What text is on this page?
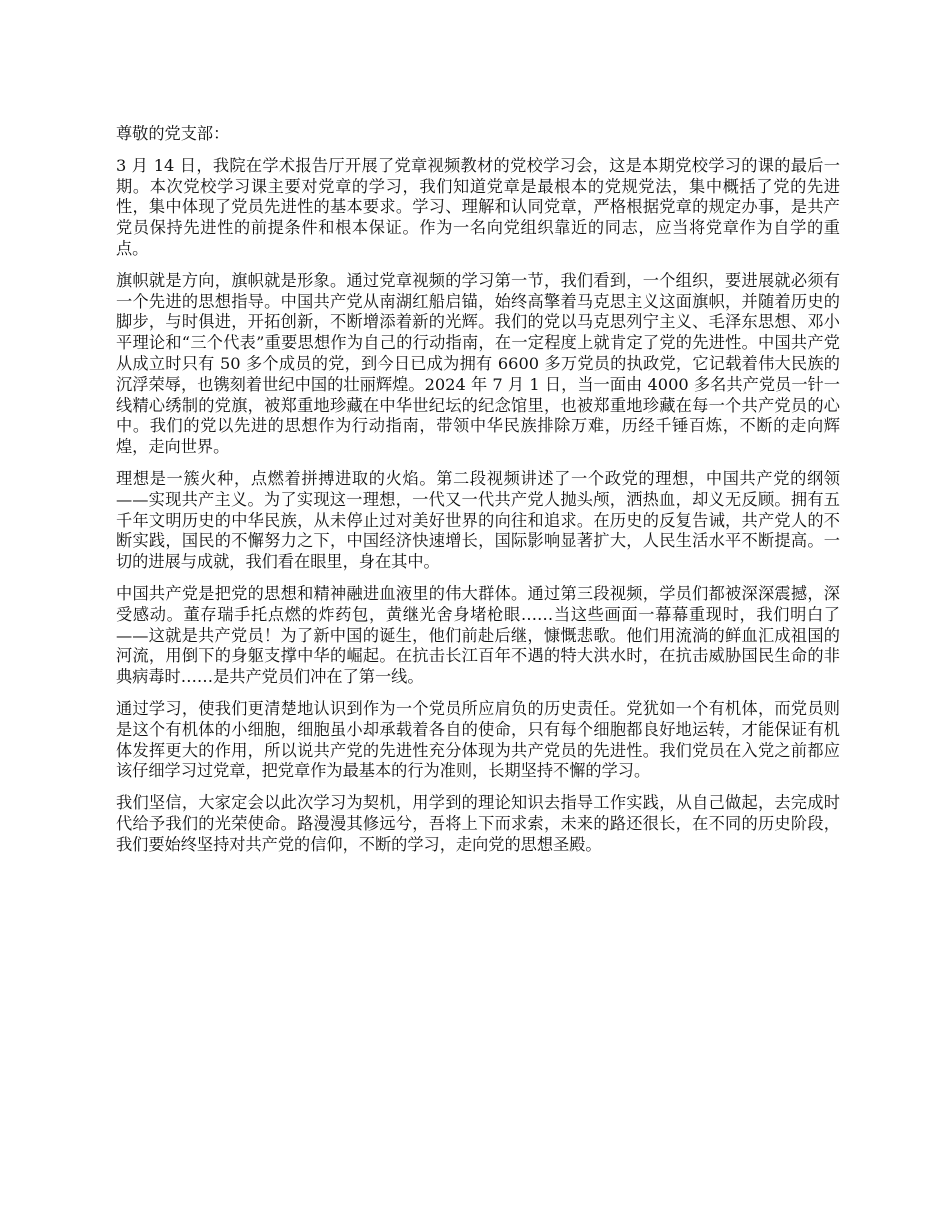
尊敬的党支部：

3 月 14 日，我院在学术报告厅开展了党章视频教材的党校学习会，这是本期党校学习的课的最后一期。本次党校学习课主要对党章的学习，我们知道党章是最根本的党规党法，集中概括了党的先进性，集中体现了党员先进性的基本要求。学习、理解和认同党章，严格根据党章的规定办事，是共产党员保持先进性的前提条件和根本保证。作为一名向党组织靠近的同志，应当将党章作为自学的重点。

旗帜就是方向，旗帜就是形象。通过党章视频的学习第一节，我们看到，一个组织，要进展就必须有一个先进的思想指导。中国共产党从南湖红船启锚，始终高擎着马克思主义这面旗帜，并随着历史的脚步，与时俱进，开拓创新，不断增添着新的光辉。我们的党以马克思列宁主义、毛泽东思想、邓小平理论和“三个代表”重要思想作为自己的行动指南，在一定程度上就肯定了党的先进性。中国共产党从成立时只有 50 多个成员的党，到今日已成为拥有 6600 多万党员的执政党，它记载着伟大民族的沉浮荣辱，也镌刻着世纪中国的壮丽辉煌。2024 年 7 月 1 日，当一面由 4000 多名共产党员一针一线精心绣制的党旗，被郑重地珍藏在中华世纪坛的纪念馆里，也被郑重地珍藏在每一个共产党员的心中。我们的党以先进的思想作为行动指南，带领中华民族排除万难，历经千锤百炼，不断的走向辉煌，走向世界。

理想是一簇火种，点燃着拼搏进取的火焰。第二段视频讲述了一个政党的理想，中国共产党的纲领——实现共产主义。为了实现这一理想，一代又一代共产党人抛头颅，洒热血，却义无反顾。拥有五千年文明历史的中华民族，从未停止过对美好世界的向往和追求。在历史的反复告诫，共产党人的不断实践，国民的不懈努力之下，中国经济快速增长，国际影响显著扩大，人民生活水平不断提高。一切的进展与成就，我们看在眼里，身在其中。

中国共产党是把党的思想和精神融进血液里的伟大群体。通过第三段视频，学员们都被深深震撼，深受感动。董存瑞手托点燃的炸药包，黄继光舍身堵枪眼……当这些画面一幕幕重现时，我们明白了——这就是共产党员！为了新中国的诞生，他们前赴后继，慷慨悲歌。他们用流淌的鲜血汇成祖国的河流，用倒下的身躯支撑中华的崛起。在抗击长江百年不遇的特大洪水时，在抗击威胁国民生命的非典病毒时……是共产党员们冲在了第一线。

通过学习，使我们更清楚地认识到作为一个党员所应肩负的历史责任。党犹如一个有机体，而党员则是这个有机体的小细胞，细胞虽小却承载着各自的使命，只有每个细胞都良好地运转，才能保证有机体发挥更大的作用，所以说共产党的先进性充分体现为共产党员的先进性。我们党员在入党之前都应该仔细学习过党章，把党章作为最基本的行为准则，长期坚持不懈的学习。

我们坚信，大家定会以此次学习为契机，用学到的理论知识去指导工作实践，从自己做起，去完成时代给予我们的光荣使命。路漫漫其修远兮，吾将上下而求索，未来的路还很长，在不同的历史阶段，我们要始终坚持对共产党的信仰，不断的学习，走向党的思想圣殿。
